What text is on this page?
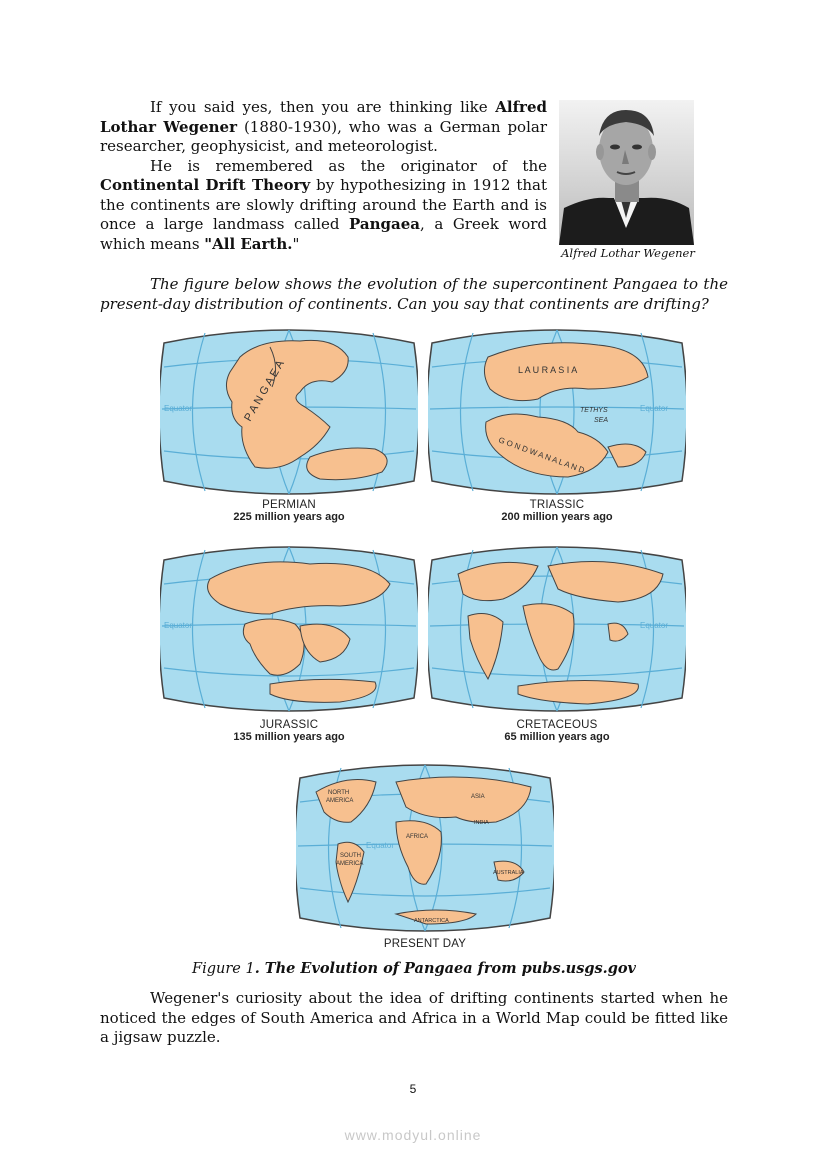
If you said yes, then you are thinking like Alfred Lothar Wegener (1880-1930), who was a German polar researcher, geophysicist, and meteorologist.

He is remembered as the originator of the Continental Drift Theory by hypothesizing in 1912 that the continents are slowly drifting around the Earth and is once a large landmass called Pangaea, a Greek word which means "All Earth."

Alfred Lothar Wegener

The figure below shows the evolution of the supercontinent Pangaea to the present-day distribution of continents. Can you say that continents are drifting?

Equator	P A N G A E A
PERMIAN
225 million years ago
L A U R A S I A
G O N D W A N A L A N D
TETHYS
SEA
Equator
TRIASSIC
200 million years ago
Equator
JURASSIC
135 million years ago
Equator
CRETACEOUS
65 million years ago
NORTH
AMERICA
SOUTH
AMERICA
ASIA
INDIA
AFRICA
AUSTRALIA
ANTARCTICA
Equator
PRESENT DAY
Figure 1. The Evolution of Pangaea from pubs.usgs.gov

Wegener's curiosity about the idea of drifting continents started when he noticed the edges of South America and Africa in a World Map could be fitted like a jigsaw puzzle.

5
www.modyul.online
